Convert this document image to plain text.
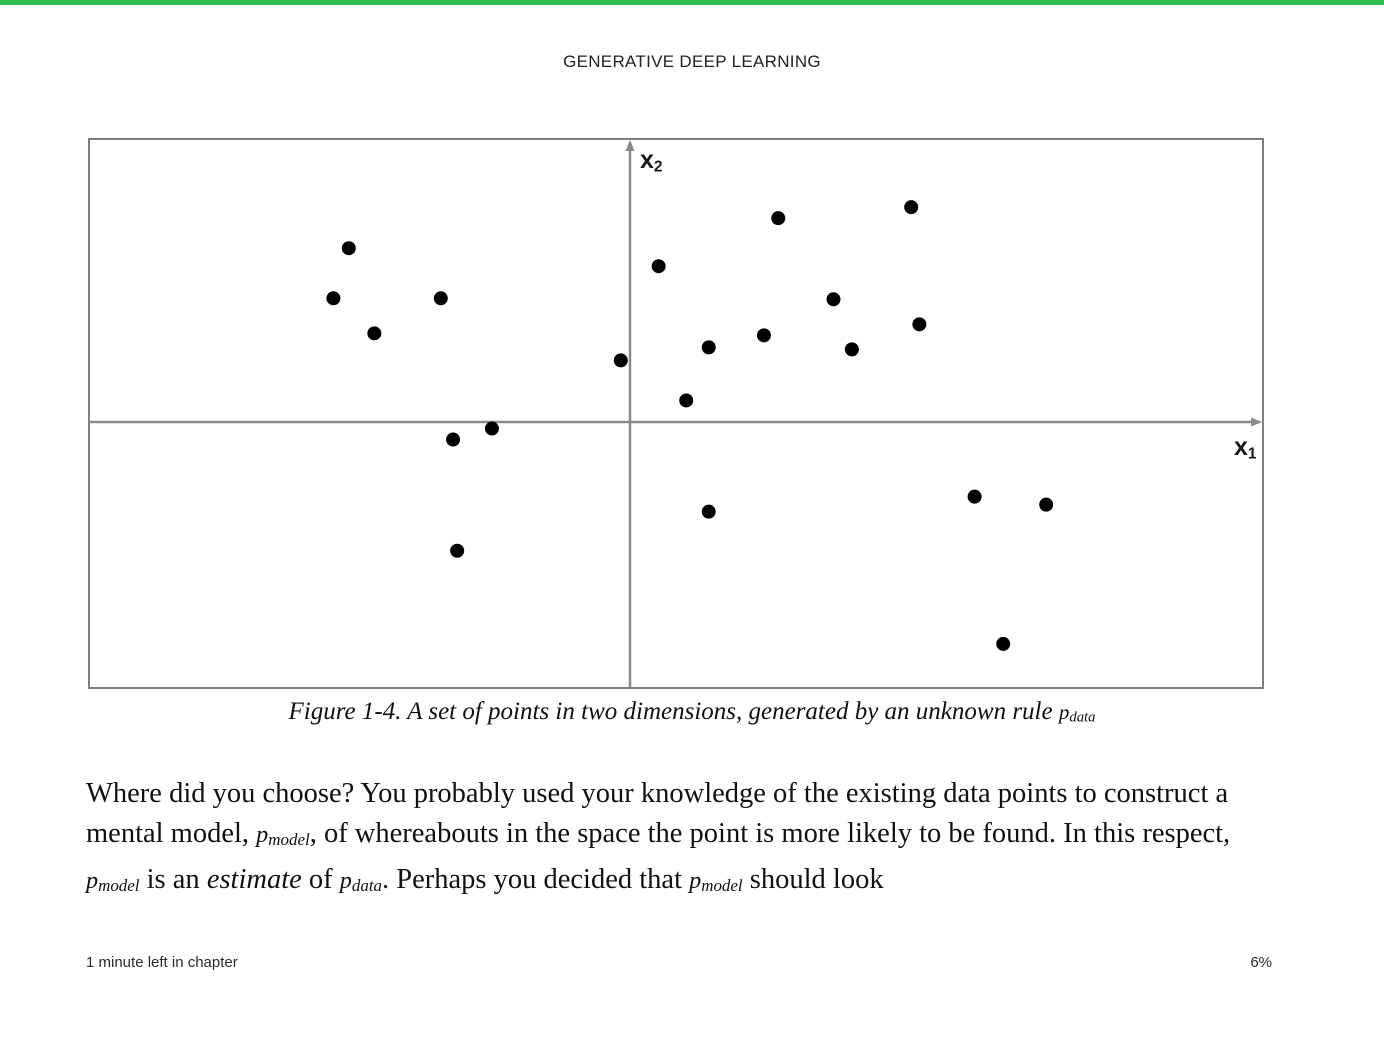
GENERATIVE DEEP LEARNING
$x_2$
$x_1$
Figure 1-4. A set of points in two dimensions, generated by an unknown rule $p_{data}$

Where did you choose? You probably used your knowledge of the existing data points to construct a mental model, $p_{model}$, of whereabouts in the space the point is more likely to be found. In this respect, $p_{model}$ is an estimate of $p_{data}$. Perhaps you decided that $p_{model}$ should look

1 minute left in chapter	6%
